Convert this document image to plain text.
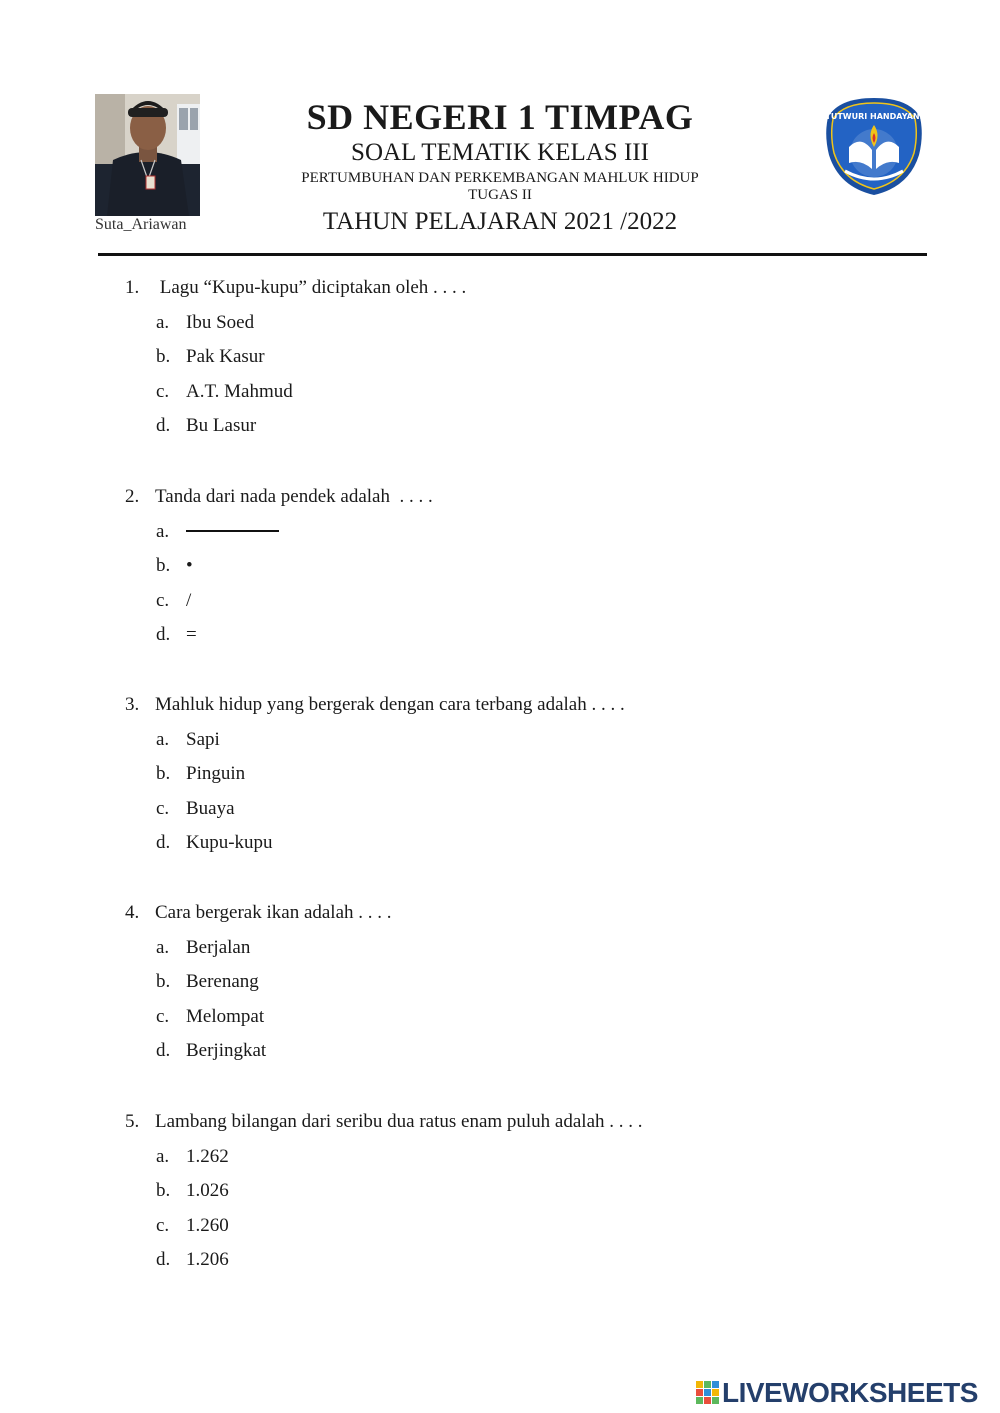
Suta_Ariawan
SD NEGERI 1 TIMPAG
SOAL TEMATIK KELAS III
PERTUMBUHAN DAN PERKEMBANGAN MAHLUK HIDUP
TUGAS II
TAHUN PELAJARAN 2021 /2022
TUTWURI HANDAYANI
1. Lagu “Kupu-kupu” diciptakan oleh . . . .
a. Ibu Soed
b. Pak Kasur
c. A.T. Mahmud
d. Bu Lasur
2. Tanda dari nada pendek adalah  . . . .
a.
b. •
c. /
d. =
3. Mahluk hidup yang bergerak dengan cara terbang adalah . . . .
a. Sapi
b. Pinguin
c. Buaya
d. Kupu-kupu
4. Cara bergerak ikan adalah . . . .
a. Berjalan
b. Berenang
c. Melompat
d. Berjingkat
5. Lambang bilangan dari seribu dua ratus enam puluh adalah . . . .
a. 1.262
b. 1.026
c. 1.260
d. 1.206
LIVEWORKSHEETS
